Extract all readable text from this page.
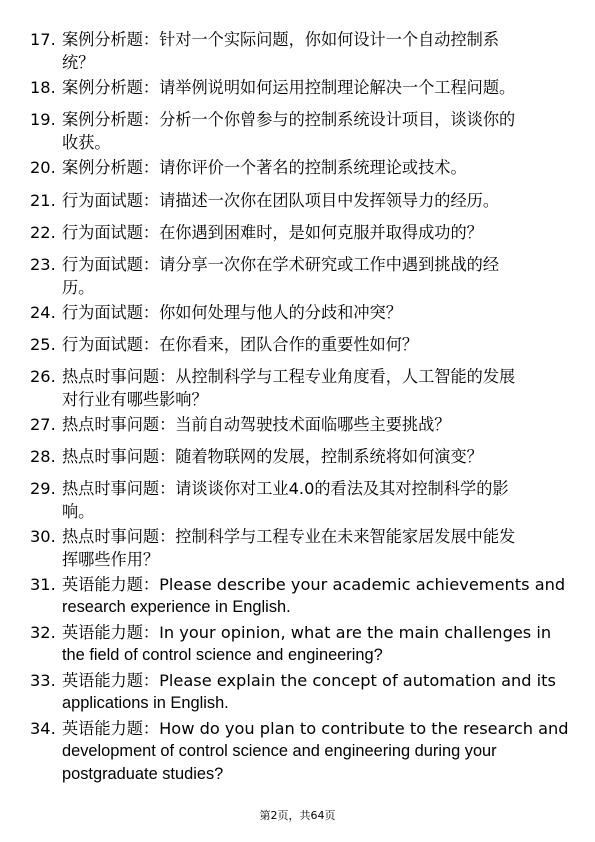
17. 案例分析题：针对一个实际问题，你如何设计一个自动控制系
统？
18. 案例分析题：请举例说明如何运用控制理论解决一个工程问题。
19. 案例分析题：分析一个你曾参与的控制系统设计项目，谈谈你的
收获。
20. 案例分析题：请你评价一个著名的控制系统理论或技术。
21. 行为面试题：请描述一次你在团队项目中发挥领导力的经历。
22. 行为面试题：在你遇到困难时，是如何克服并取得成功的？
23. 行为面试题：请分享一次你在学术研究或工作中遇到挑战的经
历。
24. 行为面试题：你如何处理与他人的分歧和冲突？
25. 行为面试题：在你看来，团队合作的重要性如何？
26. 热点时事问题：从控制科学与工程专业角度看，人工智能的发展
对行业有哪些影响？
27. 热点时事问题：当前自动驾驶技术面临哪些主要挑战？
28. 热点时事问题：随着物联网的发展，控制系统将如何演变？
29. 热点时事问题：请谈谈你对工业4.0的看法及其对控制科学的影
响。
30. 热点时事问题：控制科学与工程专业在未来智能家居发展中能发
挥哪些作用？
31. 英语能力题：Please describe your academic achievements and
research experience in English.
32. 英语能力题：In your opinion, what are the main challenges in
the field of control science and engineering?
33. 英语能力题：Please explain the concept of automation and its
applications in English.
34. 英语能力题：How do you plan to contribute to the research and
development of control science and engineering during your
postgraduate studies?
第2页，共64页
